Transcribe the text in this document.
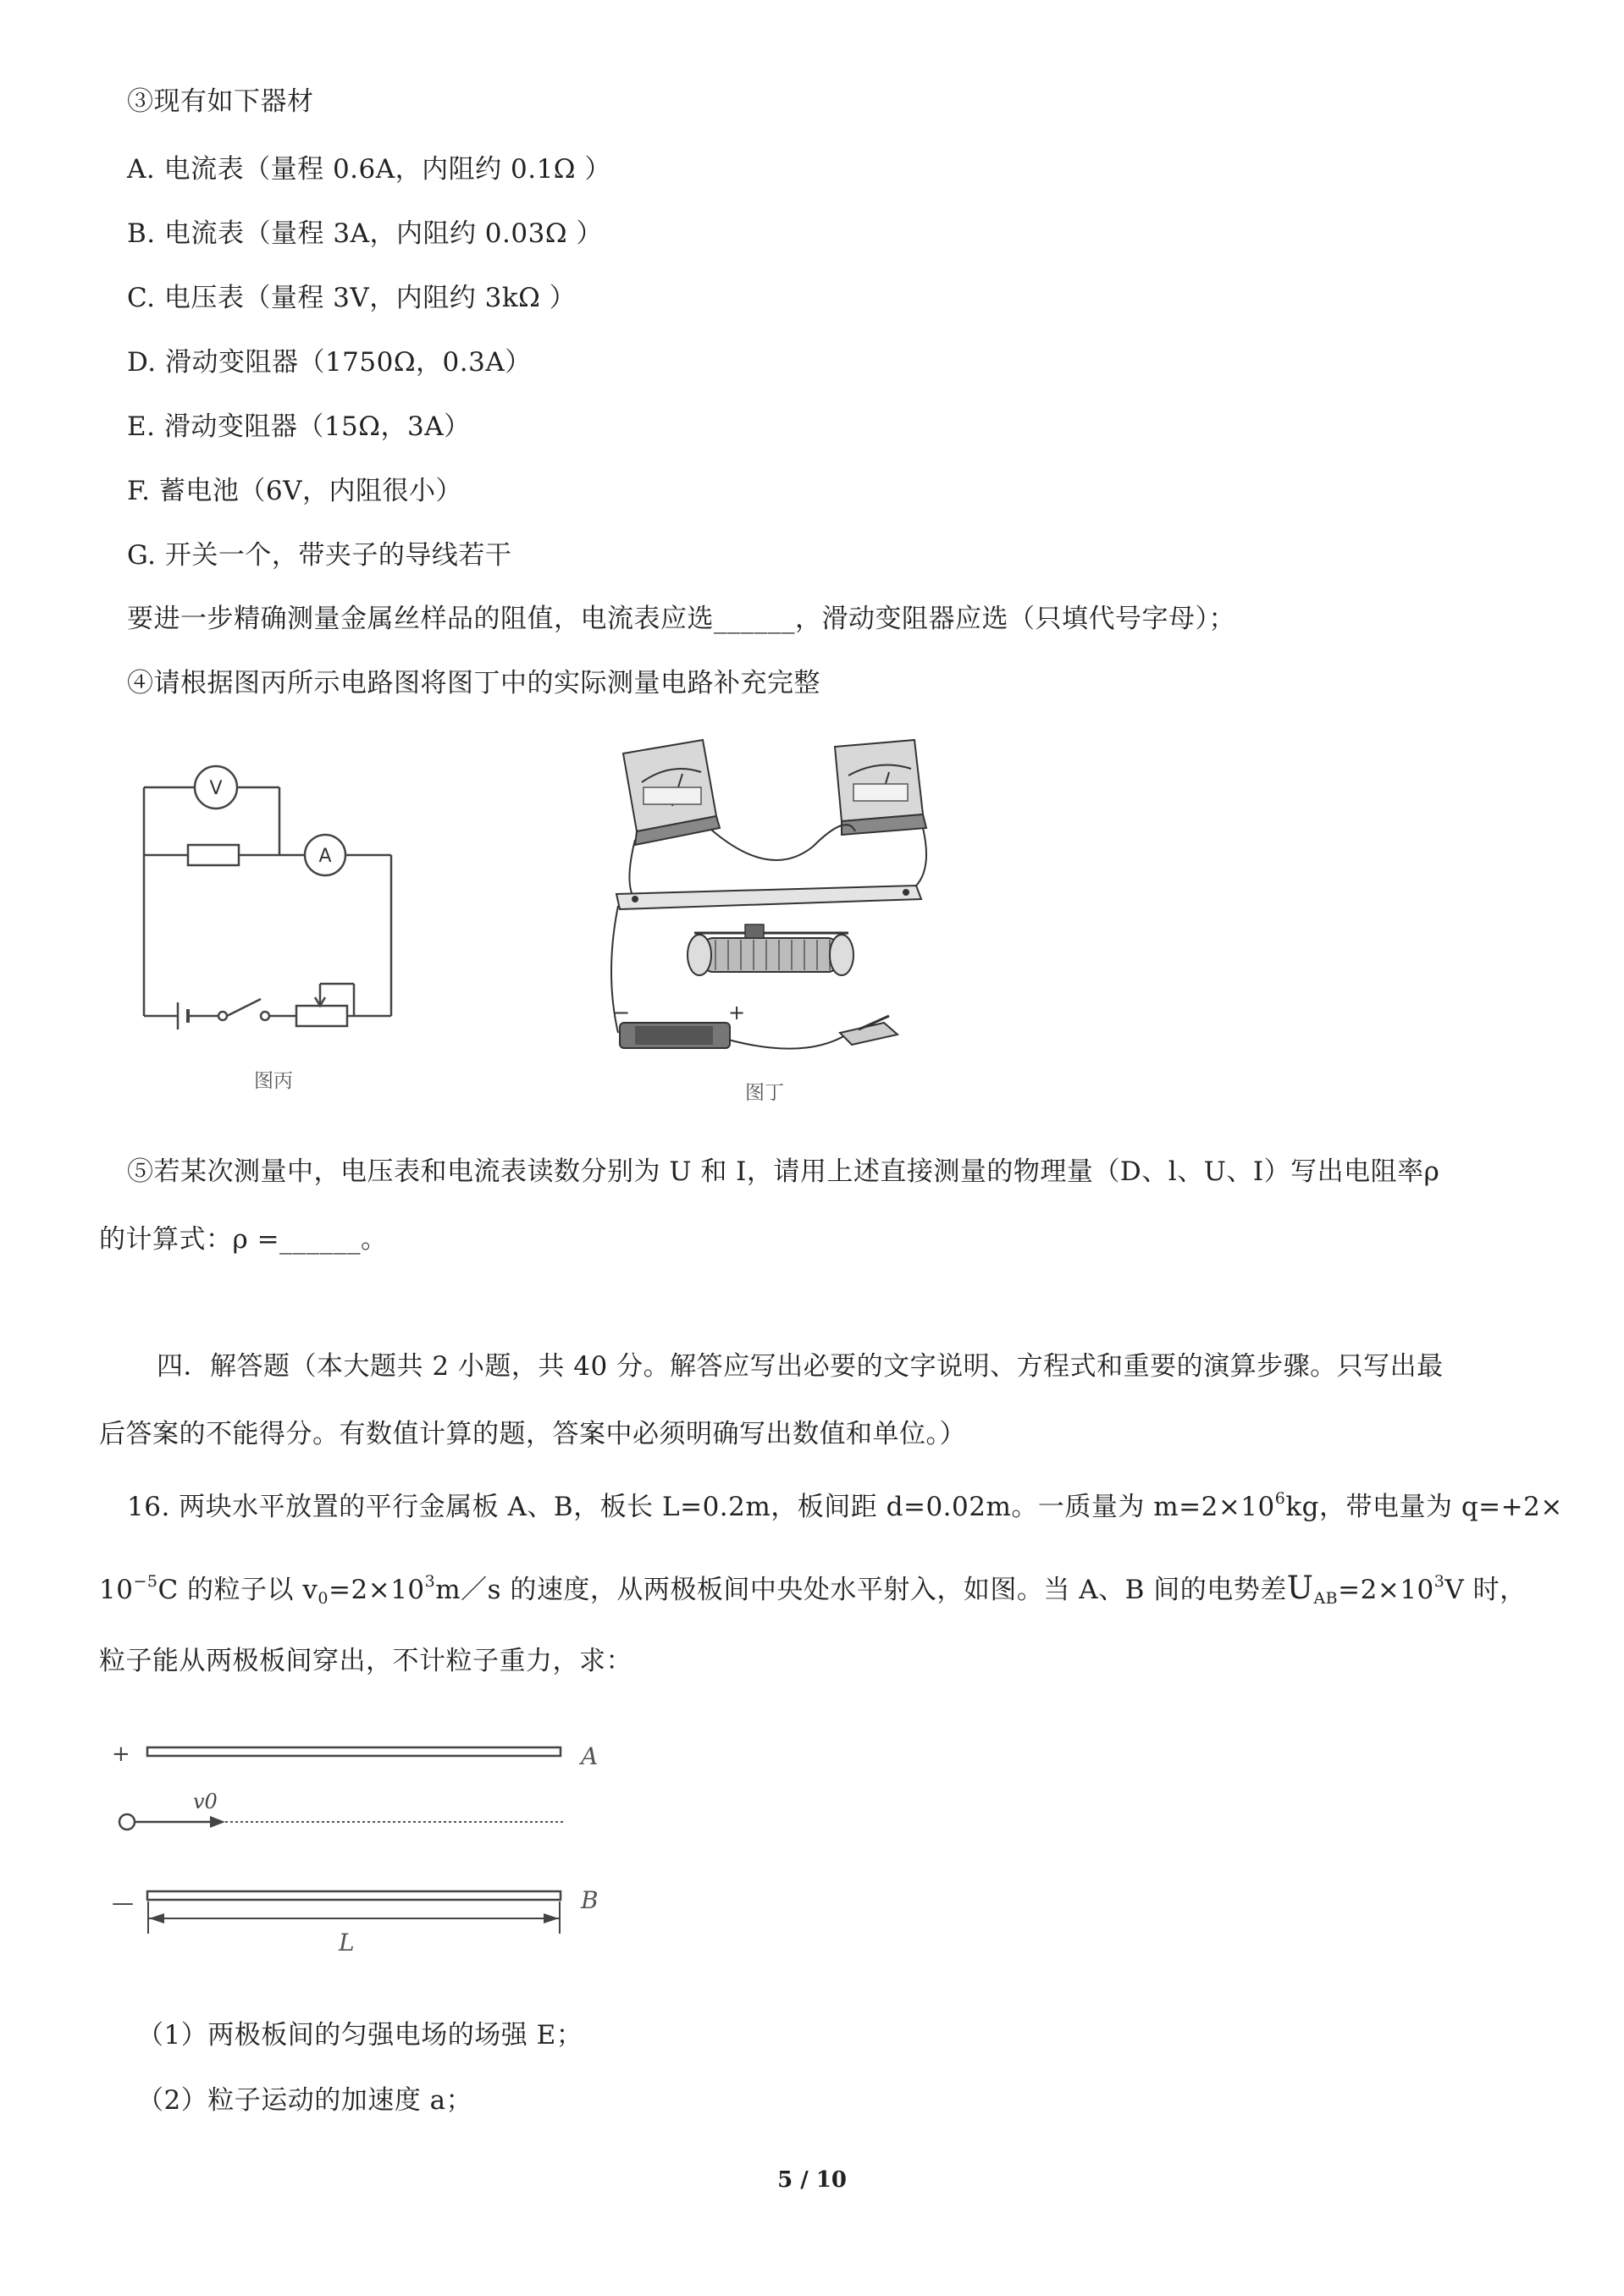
③现有如下器材
A. 电流表（量程 0.6A，内阻约 0.1Ω ）
B. 电流表（量程 3A，内阻约 0.03Ω ）
C. 电压表（量程 3V，内阻约 3kΩ ）
D. 滑动变阻器（1750Ω，0.3A）
E. 滑动变阻器（15Ω，3A）
F. 蓄电池（6V，内阻很小）
G. 开关一个，带夹子的导线若干
要进一步精确测量金属丝样品的阻值，电流表应选______，滑动变阻器应选（只填代号字母）；
④请根据图丙所示电路图将图丁中的实际测量电路补充完整
V
A
图丙
−	+
图丁
⑤若某次测量中，电压表和电流表读数分别为 U 和 I，请用上述直接测量的物理量（D、l、U、I）写出电阻率ρ
的计算式：ρ =______。
四．解答题（本大题共 2 小题，共 40 分。解答应写出必要的文字说明、方程式和重要的演算步骤。只写出最
后答案的不能得分。有数值计算的题，答案中必须明确写出数值和单位。）
16. 两块水平放置的平行金属板 A、B，板长 L=0.2m，板间距 d=0.02m。一质量为 $m=2\times 10^6kg$，带电量为 q=+2×
$10^{-5}C$ 的粒子以 $v_0=2\times 10^3m/s$ 的速度，从两极板间中央处水平射入，如图。当 A、B 间的电势差$U_{AB}=2\times 10^3V$ 时，
粒子能从两极板间穿出，不计粒子重力，求：
+	A
v0
—	B
L
（1）两极板间的匀强电场的场强 E；
（2）粒子运动的加速度 a；
5 / 10
